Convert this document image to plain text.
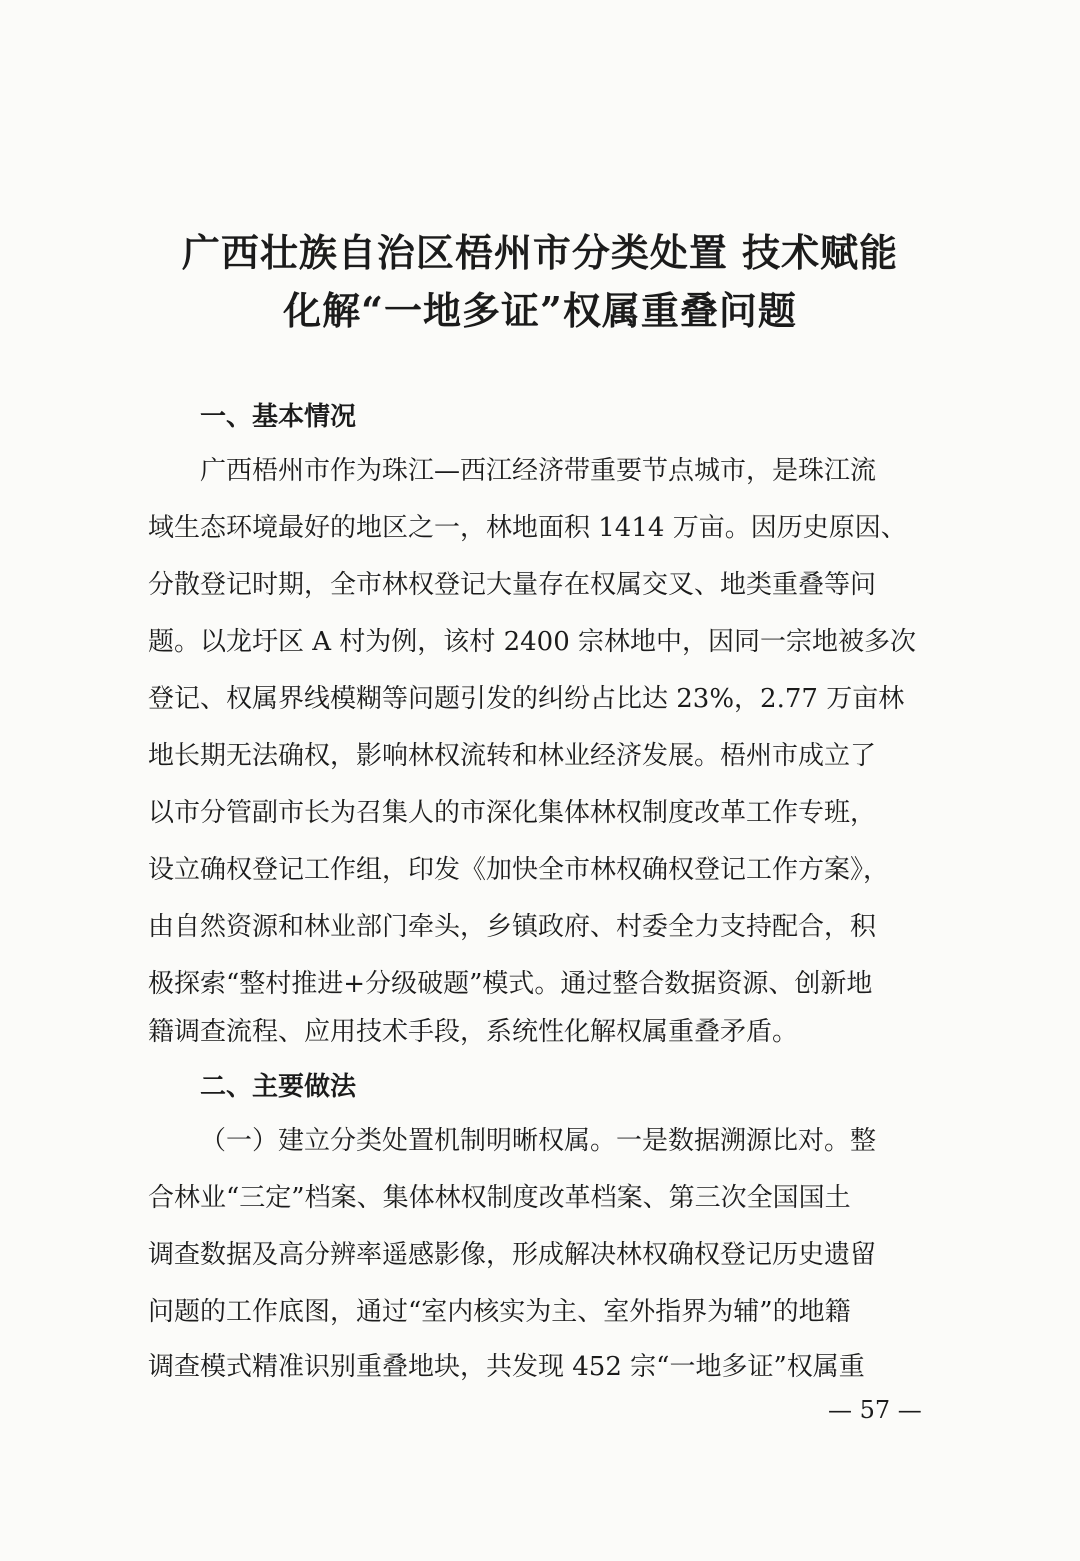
广西壮族自治区梧州市分类处置 技术赋能
化解“一地多证”权属重叠问题
一、基本情况
广西梧州市作为珠江—西江经济带重要节点城市，是珠江流
域生态环境最好的地区之一，林地面积 1414 万亩。因历史原因、
分散登记时期，全市林权登记大量存在权属交叉、地类重叠等问
题。以龙圩区 A 村为例，该村 2400 宗林地中，因同一宗地被多次
登记、权属界线模糊等问题引发的纠纷占比达 23%，2.77 万亩林
地长期无法确权，影响林权流转和林业经济发展。梧州市成立了
以市分管副市长为召集人的市深化集体林权制度改革工作专班，
设立确权登记工作组，印发《加快全市林权确权登记工作方案》，
由自然资源和林业部门牵头，乡镇政府、村委全力支持配合，积
极探索“整村推进+分级破题”模式。通过整合数据资源、创新地
籍调查流程、应用技术手段，系统性化解权属重叠矛盾。
二、主要做法
（一）建立分类处置机制明晰权属。一是数据溯源比对。整
合林业“三定”档案、集体林权制度改革档案、第三次全国国土
调查数据及高分辨率遥感影像，形成解决林权确权登记历史遗留
问题的工作底图，通过“室内核实为主、室外指界为辅”的地籍
调查模式精准识别重叠地块，共发现 452 宗“一地多证”权属重
— 57 —
